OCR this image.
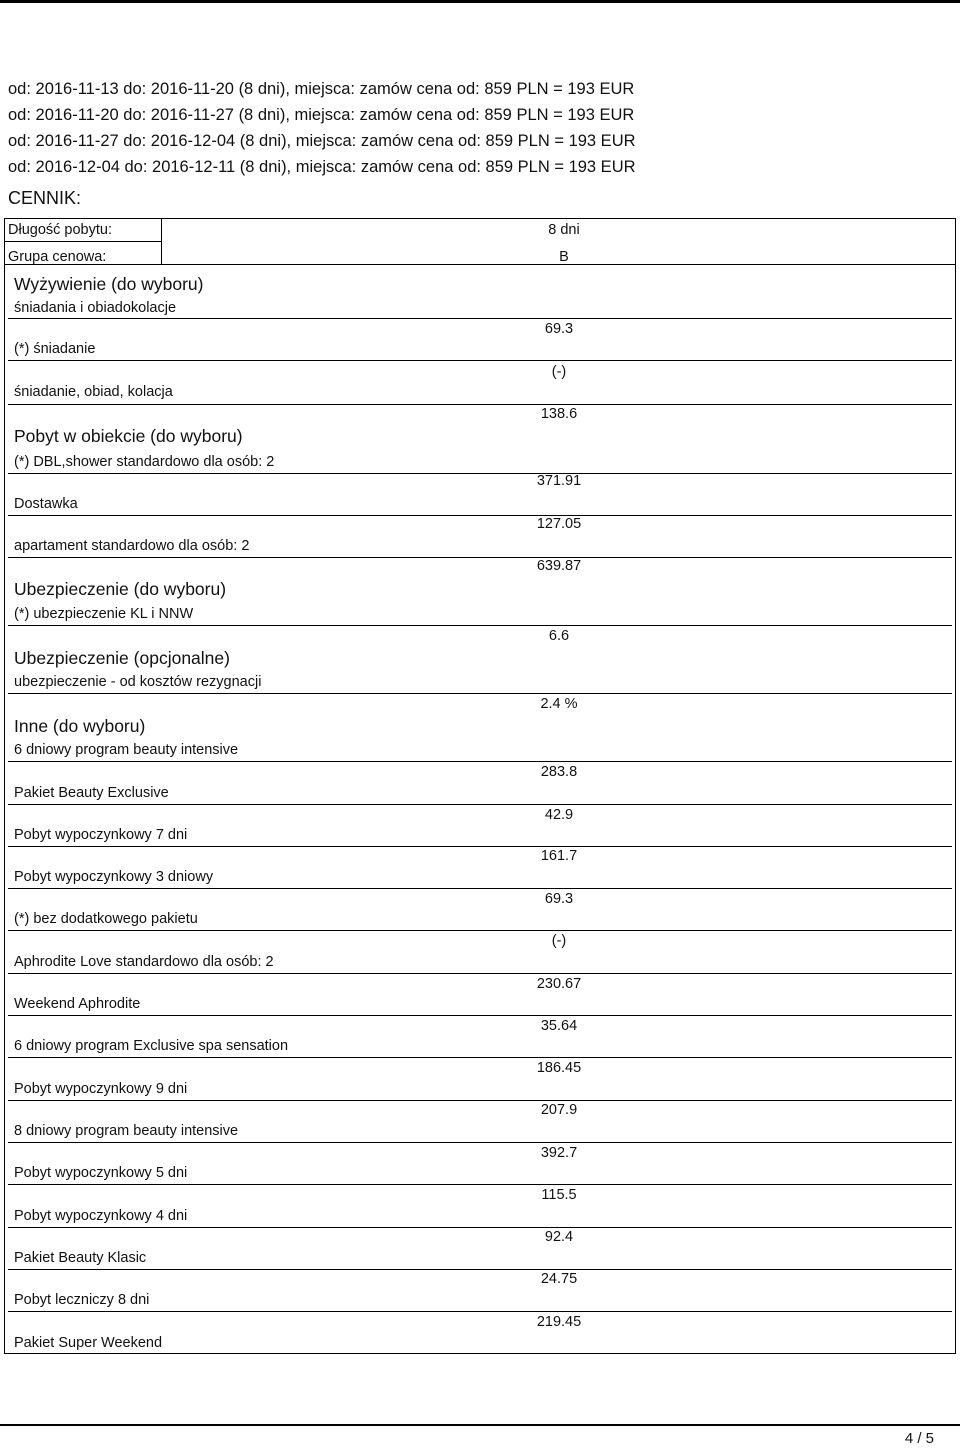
od: 2016-11-13 do: 2016-11-20 (8 dni), miejsca: zamów cena od: 859 PLN = 193 EUR
od: 2016-11-20 do: 2016-11-27 (8 dni), miejsca: zamów cena od: 859 PLN = 193 EUR
od: 2016-11-27 do: 2016-12-04 (8 dni), miejsca: zamów cena od: 859 PLN = 193 EUR
od: 2016-12-04 do: 2016-12-11 (8 dni), miejsca: zamów cena od: 859 PLN = 193 EUR
CENNIK:
Długość pobytu:	8 dni
Grupa cenowa:	B
Wyżywienie (do wyboru)
śniadania i obiadokolacje
69.3
(*) śniadanie
(-)
śniadanie, obiad, kolacja
138.6
Pobyt w obiekcie (do wyboru)
(*) DBL,shower standardowo dla osób: 2
371.91
Dostawka
127.05
apartament standardowo dla osób: 2
639.87
Ubezpieczenie (do wyboru)
(*) ubezpieczenie KL i NNW
6.6
Ubezpieczenie (opcjonalne)
ubezpieczenie - od kosztów rezygnacji
2.4 %
Inne (do wyboru)
6 dniowy program beauty intensive
283.8
Pakiet Beauty Exclusive
42.9
Pobyt wypoczynkowy 7 dni
161.7
Pobyt wypoczynkowy 3 dniowy
69.3
(*) bez dodatkowego pakietu
(-)
Aphrodite Love standardowo dla osób: 2
230.67
Weekend Aphrodite
35.64
6 dniowy program Exclusive spa sensation
186.45
Pobyt wypoczynkowy 9 dni
207.9
8 dniowy program beauty intensive
392.7
Pobyt wypoczynkowy 5 dni
115.5
Pobyt wypoczynkowy 4 dni
92.4
Pakiet Beauty Klasic
24.75
Pobyt leczniczy 8 dni
219.45
Pakiet Super Weekend
4 / 5
